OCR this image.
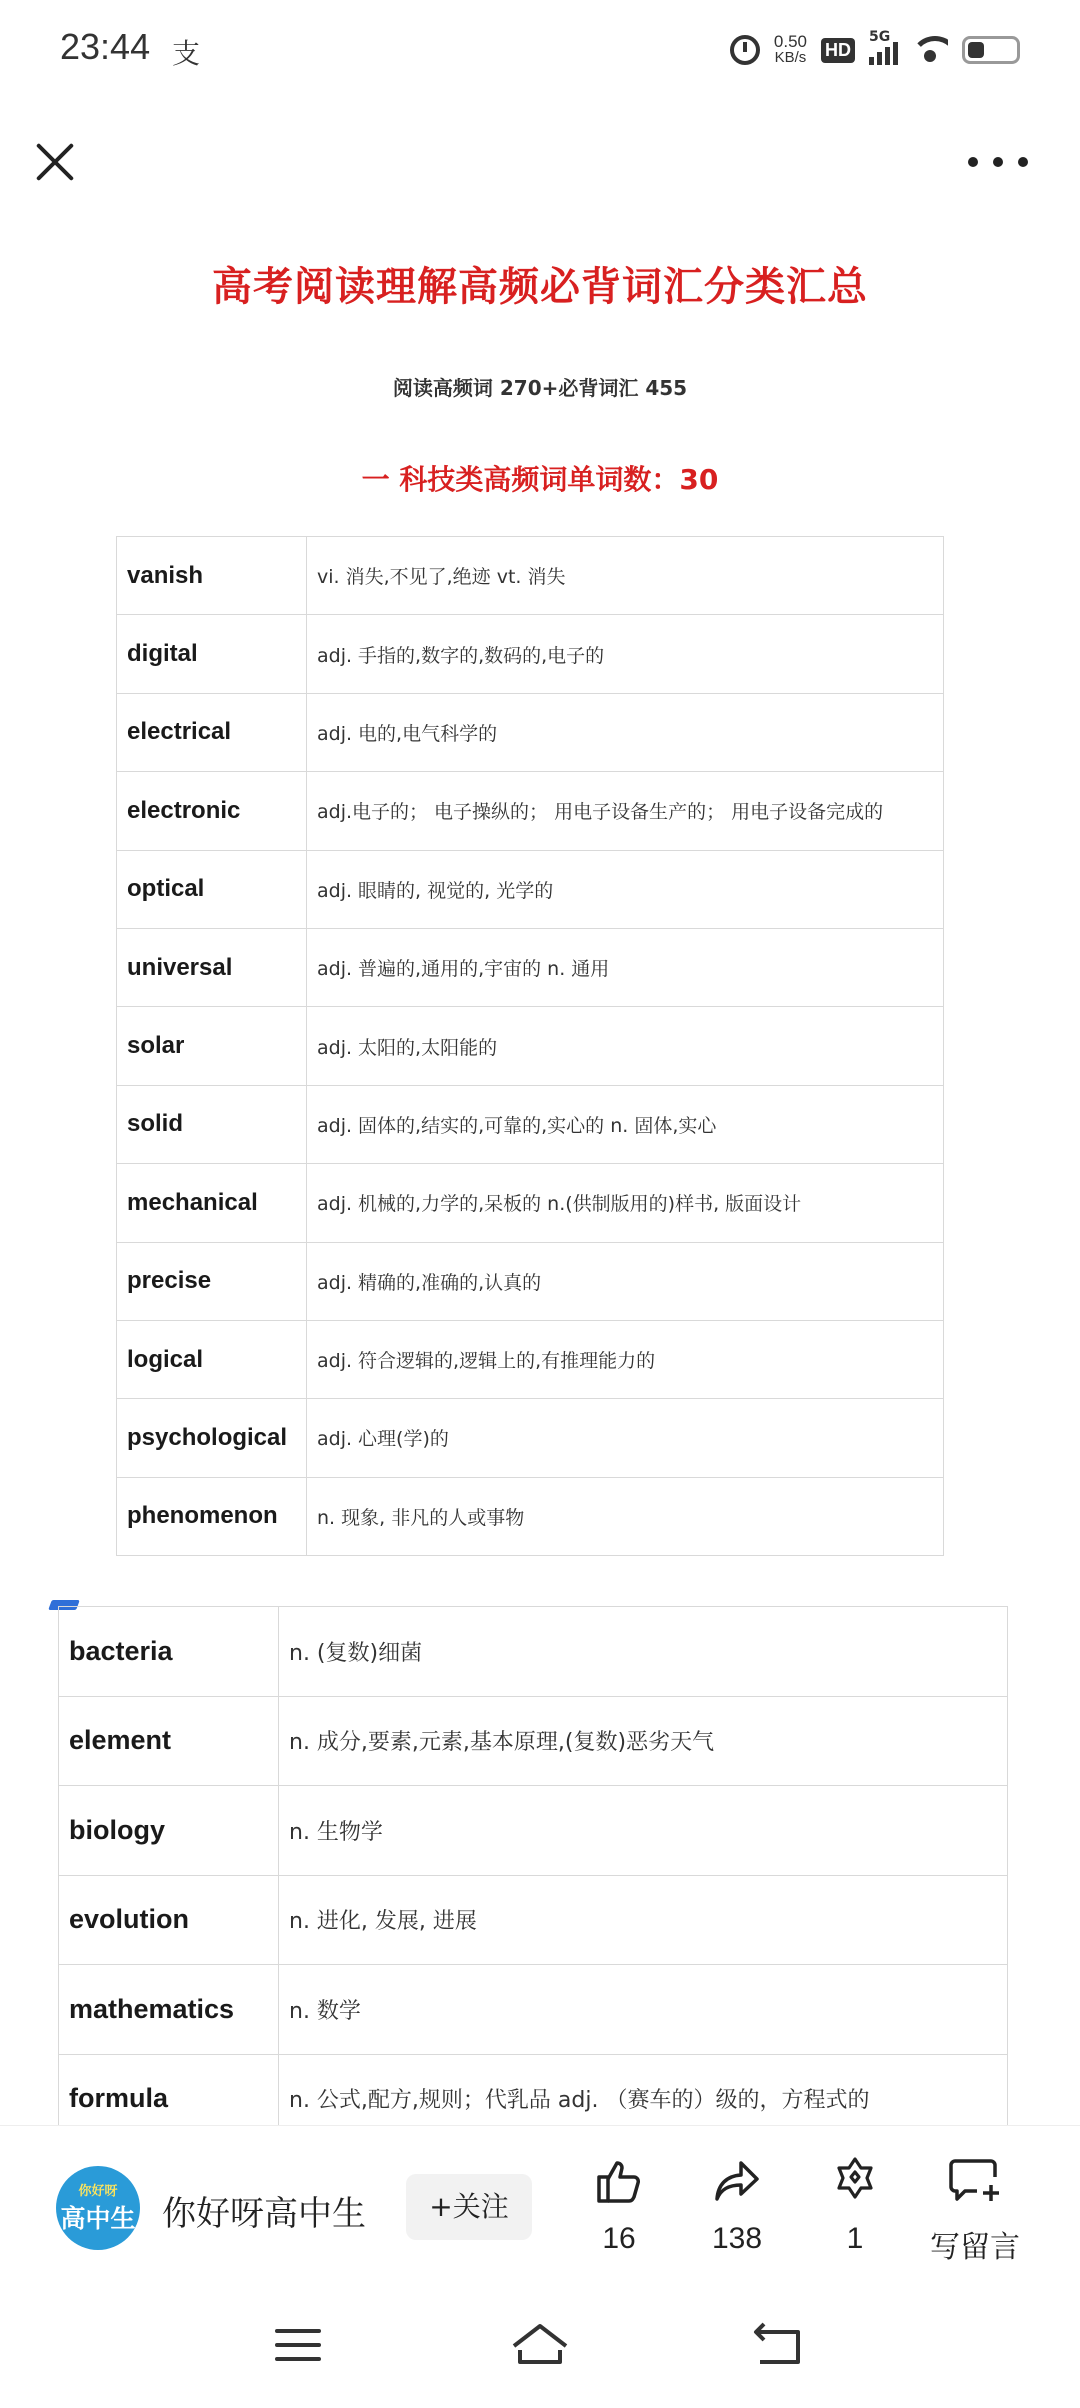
23:44 支	0.50
KB/s HD
5G
高考阅读理解高频必背词汇分类汇总
阅读高频词 270+必背词汇 455
一 科技类高频词单词数：30
vanish	vi. 消失,不见了,绝迹 vt. 消失
digital	adj. 手指的,数字的,数码的,电子的
electrical	adj. 电的,电气科学的
electronic	adj.电子的； 电子操纵的； 用电子设备生产的； 用电子设备完成的
optical	adj. 眼睛的, 视觉的, 光学的
universal	adj. 普遍的,通用的,宇宙的 n. 通用
solar	adj. 太阳的,太阳能的
solid	adj. 固体的,结实的,可靠的,实心的 n. 固体,实心
mechanical	adj. 机械的,力学的,呆板的 n.(供制版用的)样书, 版面设计
precise	adj. 精确的,准确的,认真的
logical	adj. 符合逻辑的,逻辑上的,有推理能力的
psychological	adj. 心理(学)的
phenomenon	n. 现象, 非凡的人或事物
bacteria	n. (复数)细菌
element	n. 成分,要素,元素,基本原理,(复数)恶劣天气
biology	n. 生物学
evolution	n. 进化, 发展, 进展
mathematics	n. 数学
formula	n. 公式,配方,规则；代乳品 adj. （赛车的）级的，方程式的
你好呀
高中生 你好呀高中生	+关注
16	138	1	写留言
